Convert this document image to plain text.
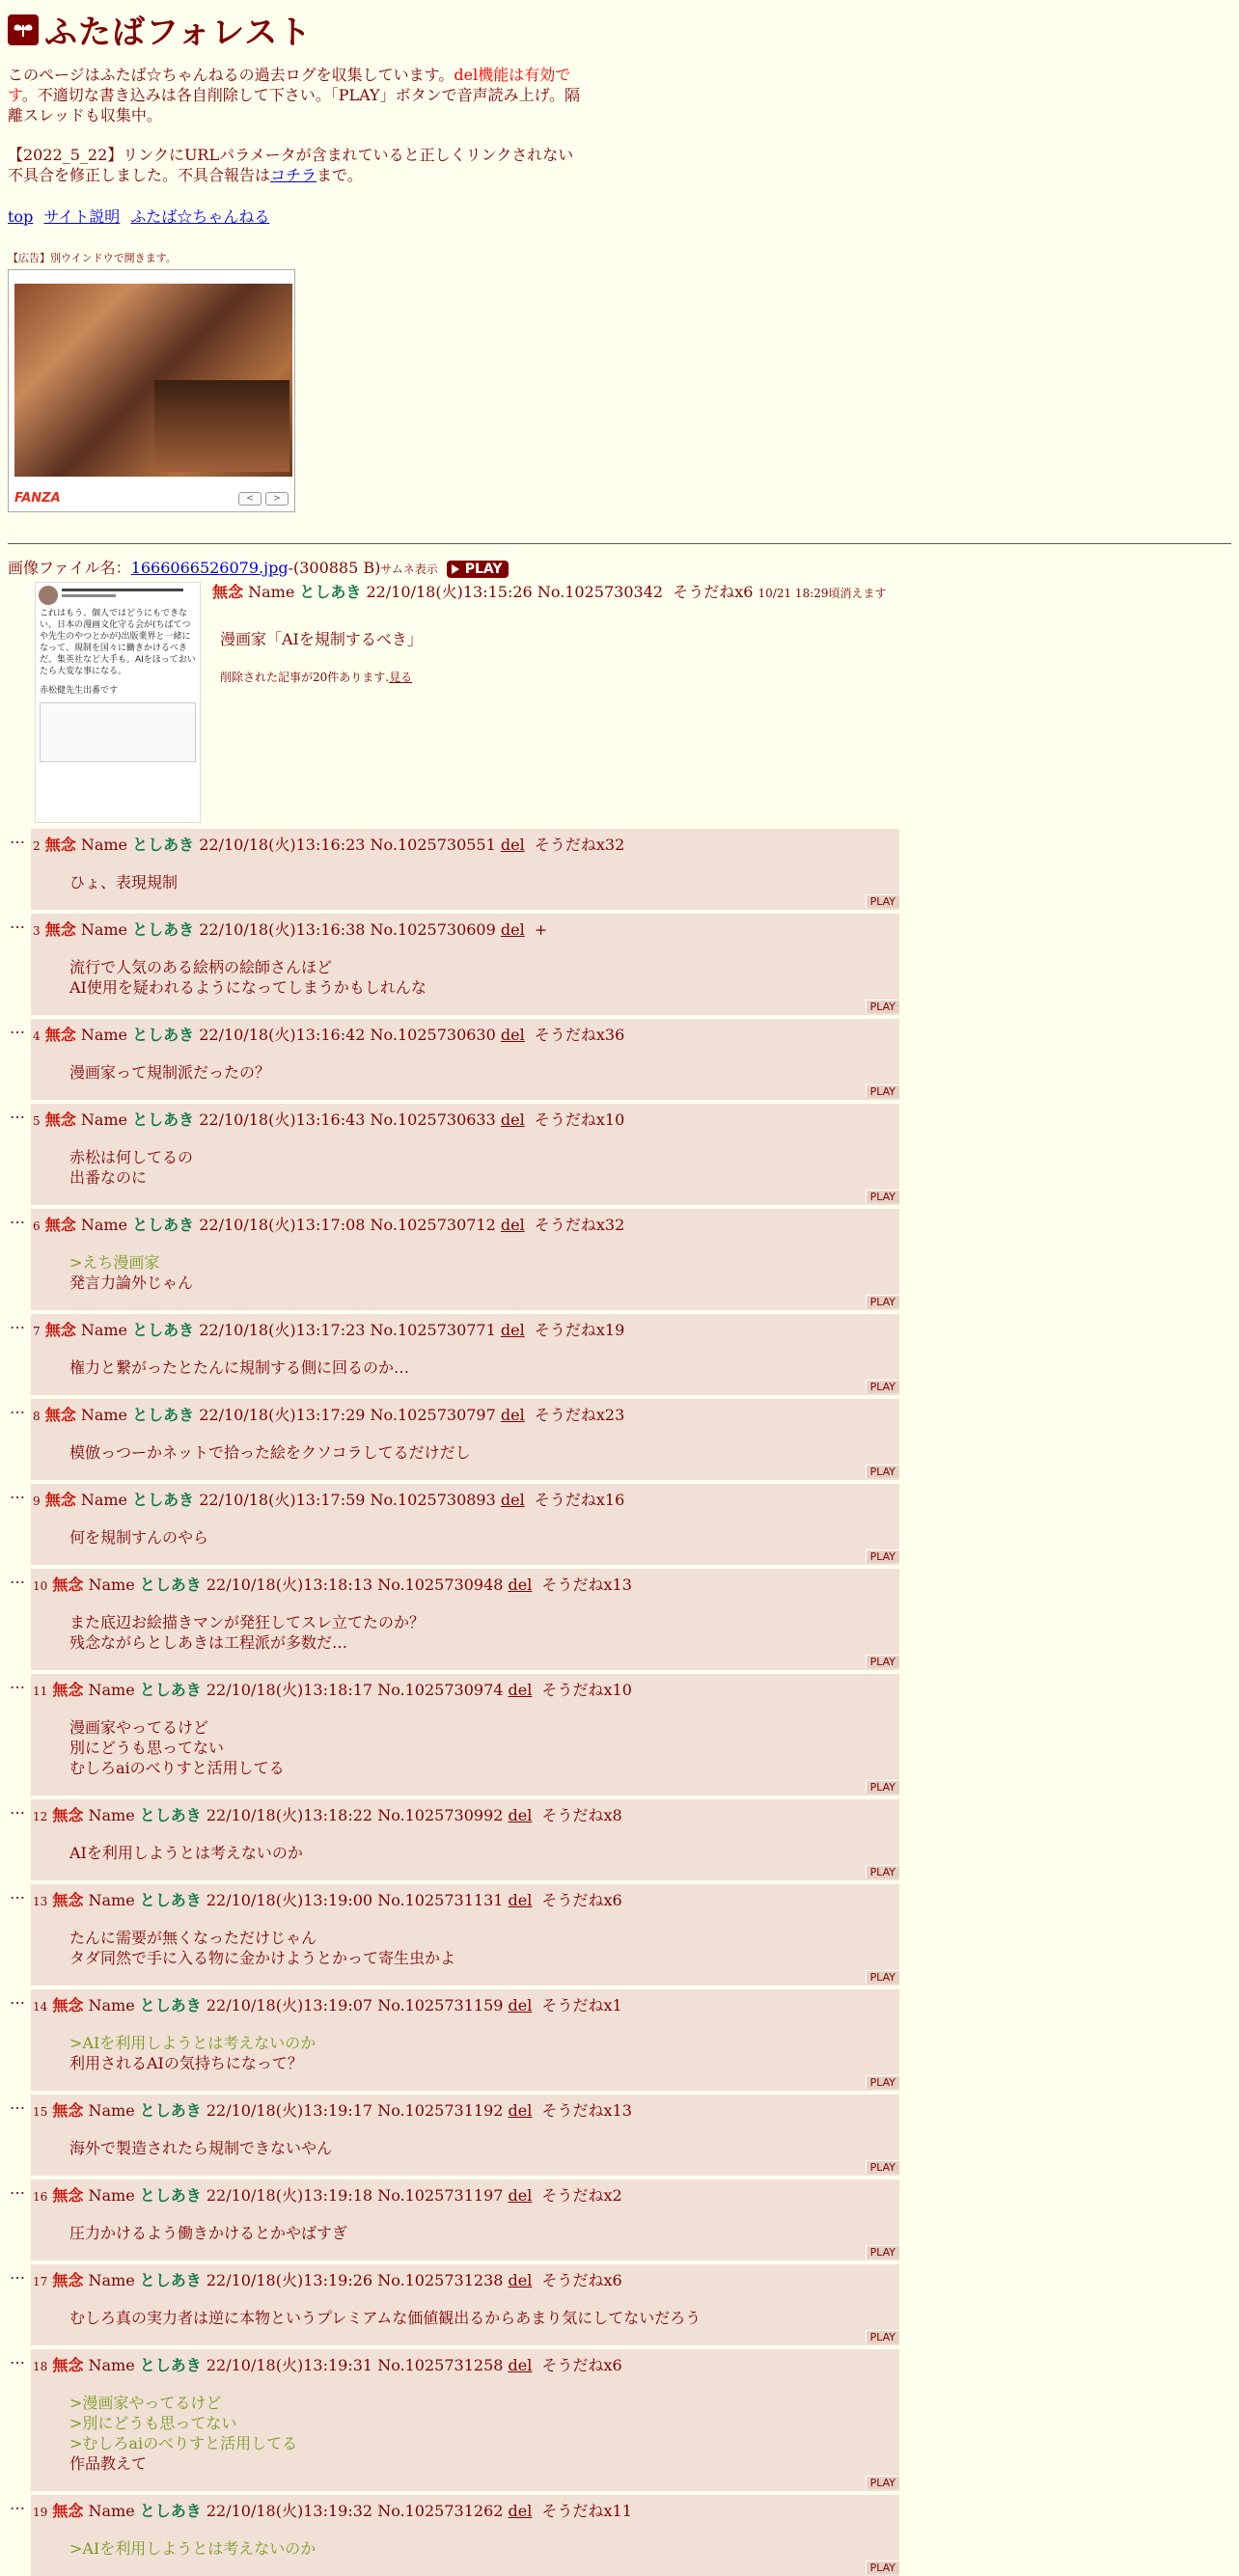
ふたばフォレスト
このページはふたば☆ちゃんねるの過去ログを収集しています。del機能は有効です。不適切な書き込みは各自削除して下さい。「PLAY」ボタンで音声読み上げ。隔離スレッドも収集中。
【2022_5_22】リンクにURLパラメータが含まれていると正しくリンクされない不具合を修正しました。不具合報告はコチラまで。
top サイト説明 ふたば☆ちゃんねる
【広告】別ウインドウで開きます。
FANZA	<	>
画像ファイル名：1666066526079.jpg-(300885 B)サムネ表示
PLAY
これはもう、個人ではどうにもできない。日本の漫画文化守る会が(ちばてつや先生のやつとかが)出版業界と一緒になって、規制を国々に働きかけるべきだ。集英社など大手も。AIをほっておいたら大変な事になる。
赤松健先生出番です
無念 Name としあき 22/10/18(火)13:15:26 No.1025730342 そうだねx6 10/21 18:29頃消えます
漫画家「AIを規制するべき」
削除された記事が20件あります.見る
… 2 無念 Name としあき 22/10/18(火)13:16:23 No.1025730551 del そうだねx32
ひょ、表現規制
PLAY
… 3 無念 Name としあき 22/10/18(火)13:16:38 No.1025730609 del +
流行で人気のある絵柄の絵師さんほど
AI使用を疑われるようになってしまうかもしれんな
PLAY
… 4 無念 Name としあき 22/10/18(火)13:16:42 No.1025730630 del そうだねx36
漫画家って規制派だったの？
PLAY
… 5 無念 Name としあき 22/10/18(火)13:16:43 No.1025730633 del そうだねx10
赤松は何してるの
出番なのに
PLAY
… 6 無念 Name としあき 22/10/18(火)13:17:08 No.1025730712 del そうだねx32
>えち漫画家
発言力論外じゃん
PLAY
… 7 無念 Name としあき 22/10/18(火)13:17:23 No.1025730771 del そうだねx19
権力と繋がったとたんに規制する側に回るのか…
PLAY
… 8 無念 Name としあき 22/10/18(火)13:17:29 No.1025730797 del そうだねx23
模倣っつーかネットで拾った絵をクソコラしてるだけだし
PLAY
… 9 無念 Name としあき 22/10/18(火)13:17:59 No.1025730893 del そうだねx16
何を規制すんのやら
PLAY
… 10 無念 Name としあき 22/10/18(火)13:18:13 No.1025730948 del そうだねx13
また底辺お絵描きマンが発狂してスレ立てたのか？
残念ながらとしあきは工程派が多数だ…
PLAY
… 11 無念 Name としあき 22/10/18(火)13:18:17 No.1025730974 del そうだねx10
漫画家やってるけど
別にどうも思ってない
むしろaiのべりすと活用してる
PLAY
… 12 無念 Name としあき 22/10/18(火)13:18:22 No.1025730992 del そうだねx8
AIを利用しようとは考えないのか
PLAY
… 13 無念 Name としあき 22/10/18(火)13:19:00 No.1025731131 del そうだねx6
たんに需要が無くなっただけじゃん
タダ同然で手に入る物に金かけようとかって寄生虫かよ
PLAY
… 14 無念 Name としあき 22/10/18(火)13:19:07 No.1025731159 del そうだねx1
>AIを利用しようとは考えないのか
利用されるAIの気持ちになって？
PLAY
… 15 無念 Name としあき 22/10/18(火)13:19:17 No.1025731192 del そうだねx13
海外で製造されたら規制できないやん
PLAY
… 16 無念 Name としあき 22/10/18(火)13:19:18 No.1025731197 del そうだねx2
圧力かけるよう働きかけるとかやばすぎ
PLAY
… 17 無念 Name としあき 22/10/18(火)13:19:26 No.1025731238 del そうだねx6
むしろ真の実力者は逆に本物というプレミアムな価値観出るからあまり気にしてないだろう
PLAY
… 18 無念 Name としあき 22/10/18(火)13:19:31 No.1025731258 del そうだねx6
>漫画家やってるけど
>別にどうも思ってない
>むしろaiのべりすと活用してる
作品教えて
PLAY
… 19 無念 Name としあき 22/10/18(火)13:19:32 No.1025731262 del そうだねx11
>AIを利用しようとは考えないのか
PLAY
